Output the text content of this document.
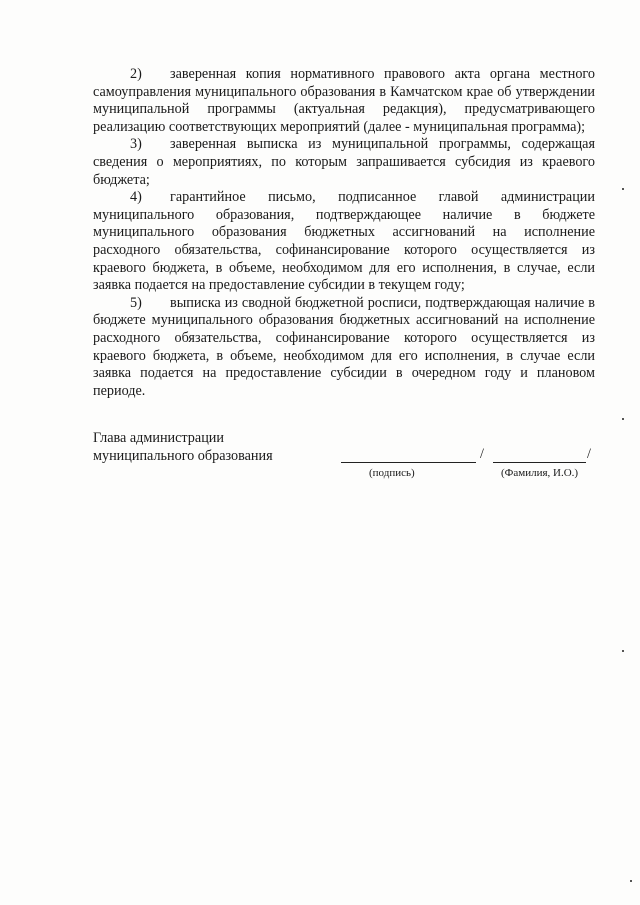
2) заверенная копия нормативного правового акта органа местного самоуправления муниципального образования в Камчатском крае об утверждении муниципальной программы (актуальная редакция), предусматривающего реализацию соответствующих мероприятий (далее - муниципальная программа);

3) заверенная выписка из муниципальной программы, содержащая сведения о мероприятиях, по которым запрашивается субсидия из краевого бюджета;

4) гарантийное письмо, подписанное главой администрации муниципального образования, подтверждающее наличие в бюджете муниципального образования бюджетных ассигнований на исполнение расходного обязательства, софинансирование которого осуществляется из краевого бюджета, в объеме, необходимом для его исполнения, в случае, если заявка подается на предоставление субсидии в текущем году;

5) выписка из сводной бюджетной росписи, подтверждающая наличие в бюджете муниципального образования бюджетных ассигнований на исполнение расходного обязательства, софинансирование которого осуществляется из краевого бюджета, в объеме, необходимом для его исполнения, в случае если заявка подается на предоставление субсидии в очередном году и плановом периоде.

Глава администрации
муниципального образования	/	/
(подпись)	(Фамилия, И.О.)
